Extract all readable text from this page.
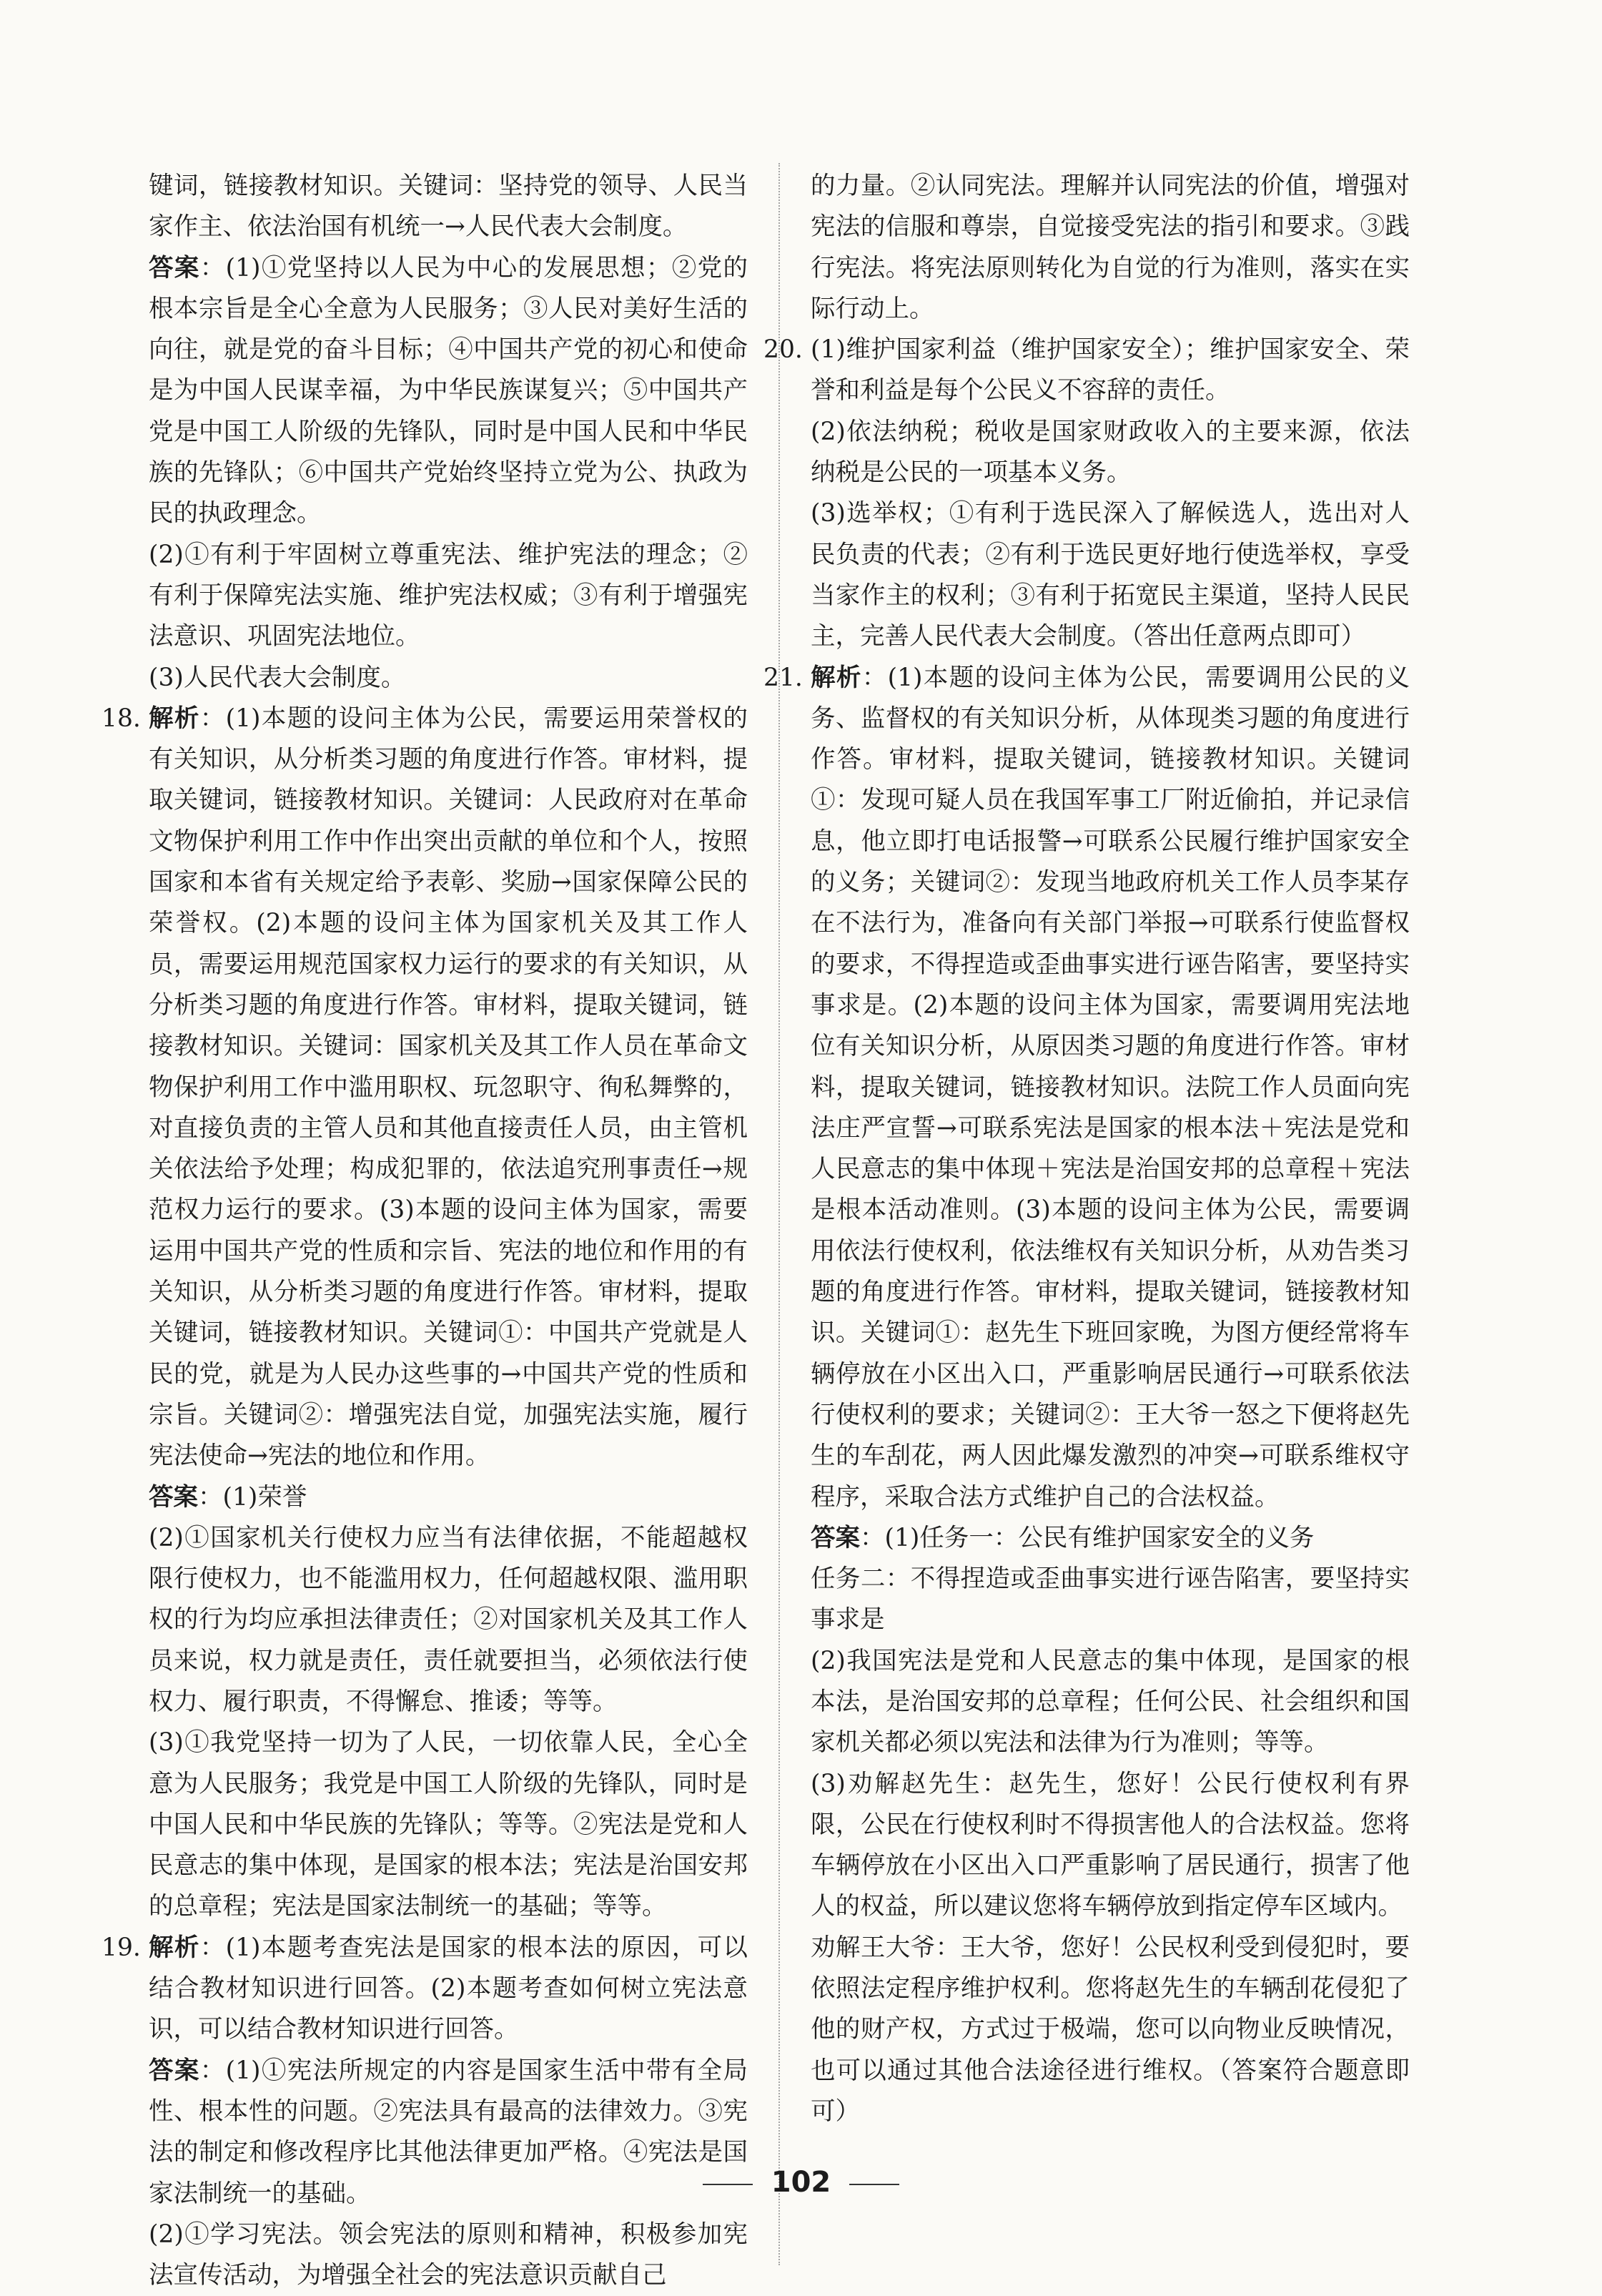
键词，链接教材知识。关键词：坚持党的领导、人民当家作主、依法治国有机统一→人民代表大会制度。

答案：(1)①党坚持以人民为中心的发展思想；②党的根本宗旨是全心全意为人民服务；③人民对美好生活的向往，就是党的奋斗目标；④中国共产党的初心和使命是为中国人民谋幸福，为中华民族谋复兴；⑤中国共产党是中国工人阶级的先锋队，同时是中国人民和中华民族的先锋队；⑥中国共产党始终坚持立党为公、执政为民的执政理念。

(2)①有利于牢固树立尊重宪法、维护宪法的理念；②有利于保障宪法实施、维护宪法权威；③有利于增强宪法意识、巩固宪法地位。

(3)人民代表大会制度。

18. 解析：(1)本题的设问主体为公民，需要运用荣誉权的有关知识，从分析类习题的角度进行作答。审材料，提取关键词，链接教材知识。关键词：人民政府对在革命文物保护利用工作中作出突出贡献的单位和个人，按照国家和本省有关规定给予表彰、奖励→国家保障公民的荣誉权。(2)本题的设问主体为国家机关及其工作人员，需要运用规范国家权力运行的要求的有关知识，从分析类习题的角度进行作答。审材料，提取关键词，链接教材知识。关键词：国家机关及其工作人员在革命文物保护利用工作中滥用职权、玩忽职守、徇私舞弊的，对直接负责的主管人员和其他直接责任人员，由主管机关依法给予处理；构成犯罪的，依法追究刑事责任→规范权力运行的要求。(3)本题的设问主体为国家，需要运用中国共产党的性质和宗旨、宪法的地位和作用的有关知识，从分析类习题的角度进行作答。审材料，提取关键词，链接教材知识。关键词①：中国共产党就是人民的党，就是为人民办这些事的→中国共产党的性质和宗旨。关键词②：增强宪法自觉，加强宪法实施，履行宪法使命→宪法的地位和作用。

答案：(1)荣誉

(2)①国家机关行使权力应当有法律依据，不能超越权限行使权力，也不能滥用权力，任何超越权限、滥用职权的行为均应承担法律责任；②对国家机关及其工作人员来说，权力就是责任，责任就要担当，必须依法行使权力、履行职责，不得懈怠、推诿；等等。

(3)①我党坚持一切为了人民，一切依靠人民，全心全意为人民服务；我党是中国工人阶级的先锋队，同时是中国人民和中华民族的先锋队；等等。②宪法是党和人民意志的集中体现，是国家的根本法；宪法是治国安邦的总章程；宪法是国家法制统一的基础；等等。

19. 解析：(1)本题考查宪法是国家的根本法的原因，可以结合教材知识进行回答。(2)本题考查如何树立宪法意识，可以结合教材知识进行回答。

答案：(1)①宪法所规定的内容是国家生活中带有全局性、根本性的问题。②宪法具有最高的法律效力。③宪法的制定和修改程序比其他法律更加严格。④宪法是国家法制统一的基础。

(2)①学习宪法。领会宪法的原则和精神，积极参加宪法宣传活动，为增强全社会的宪法意识贡献自己

的力量。②认同宪法。理解并认同宪法的价值，增强对宪法的信服和尊崇，自觉接受宪法的指引和要求。③践行宪法。将宪法原则转化为自觉的行为准则，落实在实际行动上。

20. (1)维护国家利益（维护国家安全）；维护国家安全、荣誉和利益是每个公民义不容辞的责任。

(2)依法纳税；税收是国家财政收入的主要来源，依法纳税是公民的一项基本义务。

(3)选举权；①有利于选民深入了解候选人，选出对人民负责的代表；②有利于选民更好地行使选举权，享受当家作主的权利；③有利于拓宽民主渠道，坚持人民民主，完善人民代表大会制度。（答出任意两点即可）

21. 解析：(1)本题的设问主体为公民，需要调用公民的义务、监督权的有关知识分析，从体现类习题的角度进行作答。审材料，提取关键词，链接教材知识。关键词①：发现可疑人员在我国军事工厂附近偷拍，并记录信息，他立即打电话报警→可联系公民履行维护国家安全的义务；关键词②：发现当地政府机关工作人员李某存在不法行为，准备向有关部门举报→可联系行使监督权的要求，不得捏造或歪曲事实进行诬告陷害，要坚持实事求是。(2)本题的设问主体为国家，需要调用宪法地位有关知识分析，从原因类习题的角度进行作答。审材料，提取关键词，链接教材知识。法院工作人员面向宪法庄严宣誓→可联系宪法是国家的根本法＋宪法是党和人民意志的集中体现＋宪法是治国安邦的总章程＋宪法是根本活动准则。(3)本题的设问主体为公民，需要调用依法行使权利，依法维权有关知识分析，从劝告类习题的角度进行作答。审材料，提取关键词，链接教材知识。关键词①：赵先生下班回家晚，为图方便经常将车辆停放在小区出入口，严重影响居民通行→可联系依法行使权利的要求；关键词②：王大爷一怒之下便将赵先生的车刮花，两人因此爆发激烈的冲突→可联系维权守程序，采取合法方式维护自己的合法权益。

答案：(1)任务一：公民有维护国家安全的义务

任务二：不得捏造或歪曲事实进行诬告陷害，要坚持实事求是

(2)我国宪法是党和人民意志的集中体现，是国家的根本法，是治国安邦的总章程；任何公民、社会组织和国家机关都必须以宪法和法律为行为准则；等等。

(3)劝解赵先生：赵先生，您好！公民行使权利有界限，公民在行使权利时不得损害他人的合法权益。您将车辆停放在小区出入口严重影响了居民通行，损害了他人的权益，所以建议您将车辆停放到指定停车区域内。

劝解王大爷：王大爷，您好！公民权利受到侵犯时，要依照法定程序维护权利。您将赵先生的车辆刮花侵犯了他的财产权，方式过于极端，您可以向物业反映情况，也可以通过其他合法途径进行维权。（答案符合题意即可）

102
